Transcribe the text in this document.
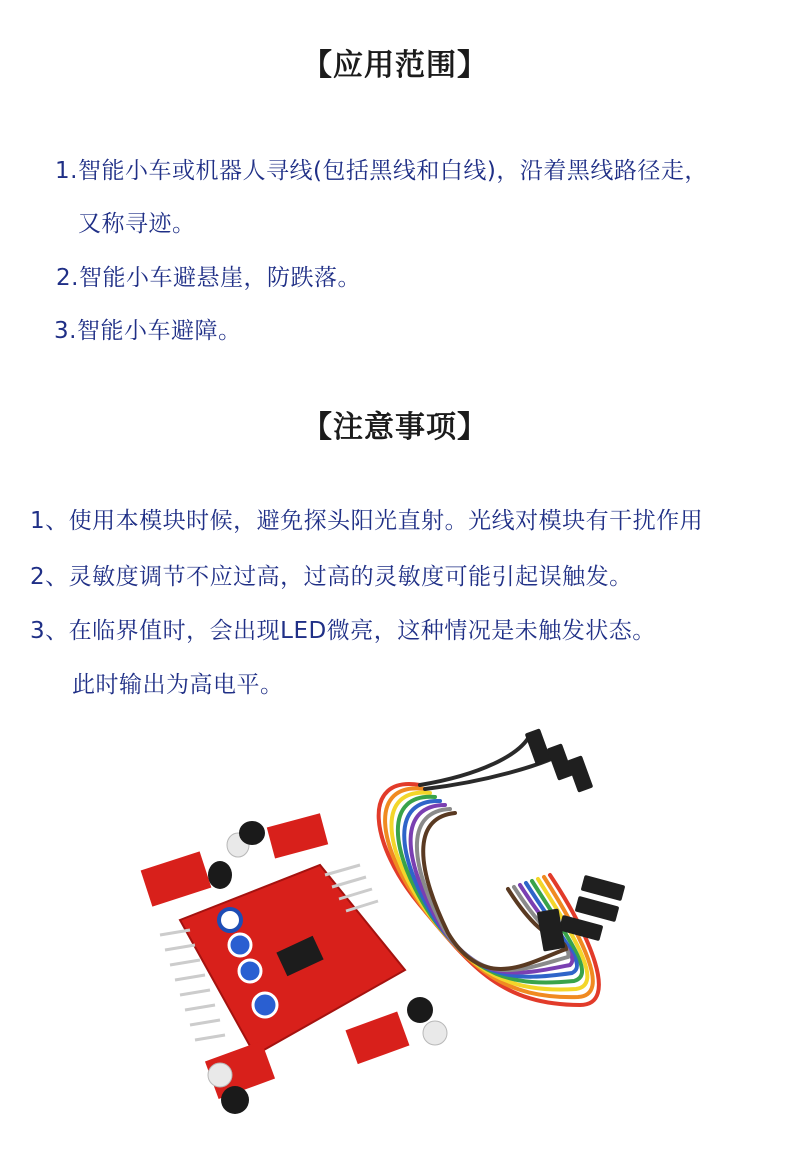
【应用范围】
1.智能小车或机器人寻线(包括黑线和白线)，沿着黑线路径走，
又称寻迹。
2.智能小车避悬崖，防跌落。
3.智能小车避障。
【注意事项】
1、使用本模块时候，避免探头阳光直射。光线对模块有干扰作用
2、灵敏度调节不应过高，过高的灵敏度可能引起误触发。
3、在临界值时，会出现LED微亮，这种情况是未触发状态。
此时输出为高电平。
